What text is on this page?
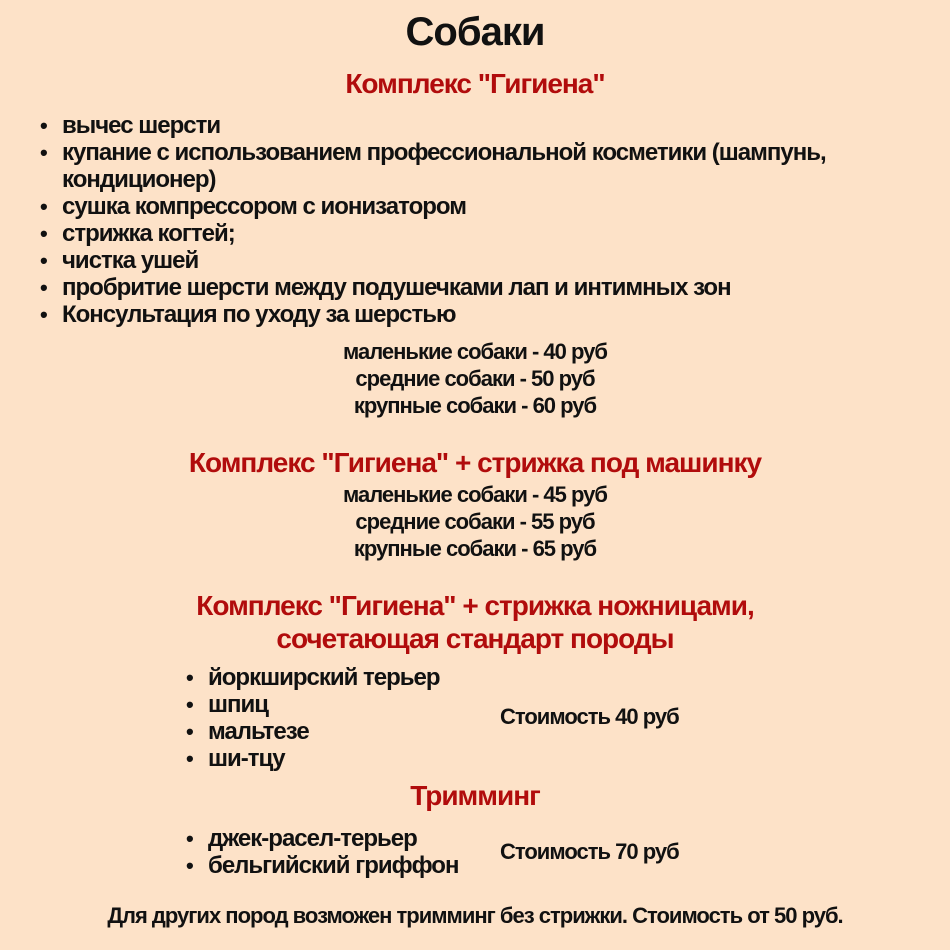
Собаки
Комплекс "Гигиена"
• вычес шерсти
• купание с использованием профессиональной косметики (шампунь,
кондиционер)
• сушка компрессором с ионизатором
• стрижка когтей;
• чистка ушей
• пробритие шерсти между подушечками лап и интимных зон
• Консультация по уходу за шерстью
маленькие собаки - 40 руб
средние собаки - 50 руб
крупные собаки - 60 руб
Комплекс "Гигиена" + стрижка под машинку
маленькие собаки - 45 руб
средние собаки - 55 руб
крупные собаки - 65 руб
Комплекс "Гигиена" + стрижка ножницами,
сочетающая стандарт породы
• йоркширский терьер
• шпиц
• мальтезе
• ши-тцу
Стоимость 40 руб
Тримминг
• джек-расел-терьер
• бельгийский гриффон
Стоимость 70 руб
Для других пород возможен тримминг без стрижки. Стоимость от 50 руб.
